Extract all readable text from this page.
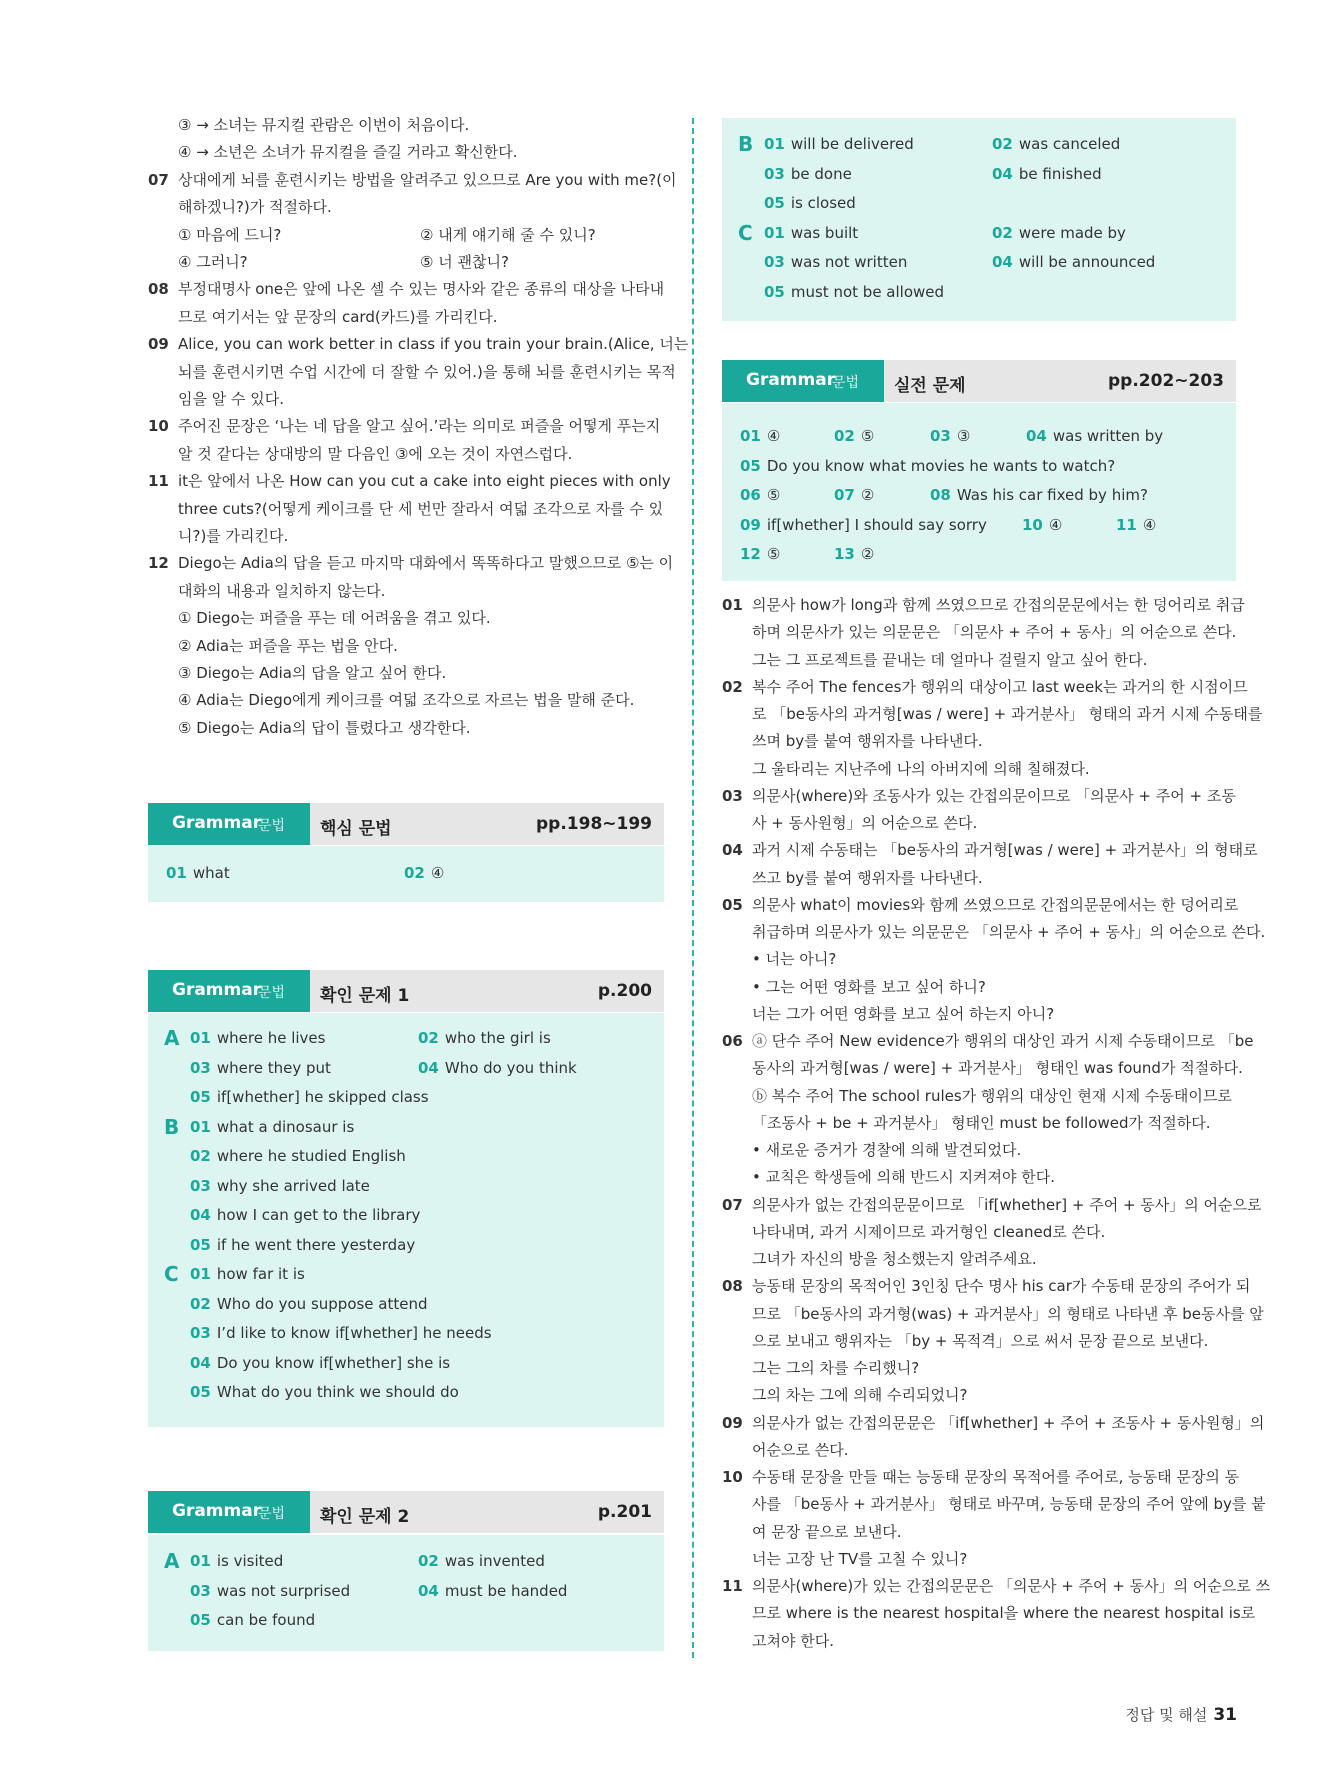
③ → 소녀는 뮤지컬 관람은 이번이 처음이다.
④ → 소년은 소녀가 뮤지컬을 즐길 거라고 확신한다.
07 상대에게 뇌를 훈련시키는 방법을 알려주고 있으므로 Are you with me?(이
해하겠니?)가 적절하다.
① 마음에 드니?	② 내게 얘기해 줄 수 있니?
④ 그러니?	⑤ 너 괜찮니?
08 부정대명사 one은 앞에 나온 셀 수 있는 명사와 같은 종류의 대상을 나타내
므로 여기서는 앞 문장의 card(카드)를 가리킨다.
09 Alice, you can work better in class if you train your brain.(Alice, 너는
뇌를 훈련시키면 수업 시간에 더 잘할 수 있어.)을 통해 뇌를 훈련시키는 목적
임을 알 수 있다.
10 주어진 문장은 ‘나는 네 답을 알고 싶어.’라는 의미로 퍼즐을 어떻게 푸는지
알 것 같다는 상대방의 말 다음인 ③에 오는 것이 자연스럽다.
11 it은 앞에서 나온 How can you cut a cake into eight pieces with only
three cuts?(어떻게 케이크를 단 세 번만 잘라서 여덟 조각으로 자를 수 있
니?)를 가리킨다.
12 Diego는 Adia의 답을 듣고 마지막 대화에서 똑똑하다고 말했으므로 ⑤는 이
대화의 내용과 일치하지 않는다.
① Diego는 퍼즐을 푸는 데 어려움을 겪고 있다.
② Adia는 퍼즐을 푸는 법을 안다.
③ Diego는 Adia의 답을 알고 싶어 한다.
④ Adia는 Diego에게 케이크를 여덟 조각으로 자르는 법을 말해 준다.
⑤ Diego는 Adia의 답이 틀렸다고 생각한다.
Grammar
문법 핵심 문법	pp.198~199
01 what	02 ④
Grammar
문법 확인 문제 1	p.200
A 01 where he lives	02 who the girl is
03 where they put	04 Who do you think
05 if[whether] he skipped class
B 01 what a dinosaur is
02 where he studied English
03 why she arrived late
04 how I can get to the library
05 if he went there yesterday
C 01 how far it is
02 Who do you suppose attend
03 I’d like to know if[whether] he needs
04 Do you know if[whether] she is
05 What do you think we should do
Grammar
문법 확인 문제 2	p.201
A 01 is visited	02 was invented
03 was not surprised	04 must be handed
05 can be found
B 01 will be delivered	02 was canceled
03 be done	04 be finished
05 is closed
C 01 was built	02 were made by
03 was not written	04 will be announced
05 must not be allowed
Grammar
문법 실전 문제	pp.202~203
01 ④	02 ⑤	03 ③	04 was written by
05 Do you know what movies he wants to watch?
06 ⑤	07 ②	08 Was his car fixed by him?
09 if[whether] I should say sorry 10 ④	11 ④
12 ⑤	13 ②
01 의문사 how가 long과 함께 쓰였으므로 간접의문문에서는 한 덩어리로 취급
하며 의문사가 있는 의문문은 「의문사 + 주어 + 동사」의 어순으로 쓴다.
그는 그 프로젝트를 끝내는 데 얼마나 걸릴지 알고 싶어 한다.
02 복수 주어 The fences가 행위의 대상이고 last week는 과거의 한 시점이므
로 「be동사의 과거형[was / were] + 과거분사」 형태의 과거 시제 수동태를
쓰며 by를 붙여 행위자를 나타낸다.
그 울타리는 지난주에 나의 아버지에 의해 칠해졌다.
03 의문사(where)와 조동사가 있는 간접의문이므로 「의문사 + 주어 + 조동
사 + 동사원형」의 어순으로 쓴다.
04 과거 시제 수동태는 「be동사의 과거형[was / were] + 과거분사」의 형태로
쓰고 by를 붙여 행위자를 나타낸다.
05 의문사 what이 movies와 함께 쓰였으므로 간접의문문에서는 한 덩어리로
취급하며 의문사가 있는 의문문은 「의문사 + 주어 + 동사」의 어순으로 쓴다.
• 너는 아니?
• 그는 어떤 영화를 보고 싶어 하니?
너는 그가 어떤 영화를 보고 싶어 하는지 아니?
06 ⓐ 단수 주어 New evidence가 행위의 대상인 과거 시제 수동태이므로 「be
동사의 과거형[was / were] + 과거분사」 형태인 was found가 적절하다.
ⓑ 복수 주어 The school rules가 행위의 대상인 현재 시제 수동태이므로
「조동사 + be + 과거분사」 형태인 must be followed가 적절하다.
• 새로운 증거가 경찰에 의해 발견되었다.
• 교칙은 학생들에 의해 반드시 지켜져야 한다.
07 의문사가 없는 간접의문문이므로 「if[whether] + 주어 + 동사」의 어순으로
나타내며, 과거 시제이므로 과거형인 cleaned로 쓴다.
그녀가 자신의 방을 청소했는지 알려주세요.
08 능동태 문장의 목적어인 3인칭 단수 명사 his car가 수동태 문장의 주어가 되
므로 「be동사의 과거형(was) + 과거분사」의 형태로 나타낸 후 be동사를 앞
으로 보내고 행위자는 「by + 목적격」으로 써서 문장 끝으로 보낸다.
그는 그의 차를 수리했니?
그의 차는 그에 의해 수리되었니?
09 의문사가 없는 간접의문문은 「if[whether] + 주어 + 조동사 + 동사원형」의
어순으로 쓴다.
10 수동태 문장을 만들 때는 능동태 문장의 목적어를 주어로, 능동태 문장의 동
사를 「be동사 + 과거분사」 형태로 바꾸며, 능동태 문장의 주어 앞에 by를 붙
여 문장 끝으로 보낸다.
너는 고장 난 TV를 고칠 수 있니?
11 의문사(where)가 있는 간접의문문은 「의문사 + 주어 + 동사」의 어순으로 쓰
므로 where is the nearest hospital을 where the nearest hospital is로
고쳐야 한다.
정답 및 해설 31
